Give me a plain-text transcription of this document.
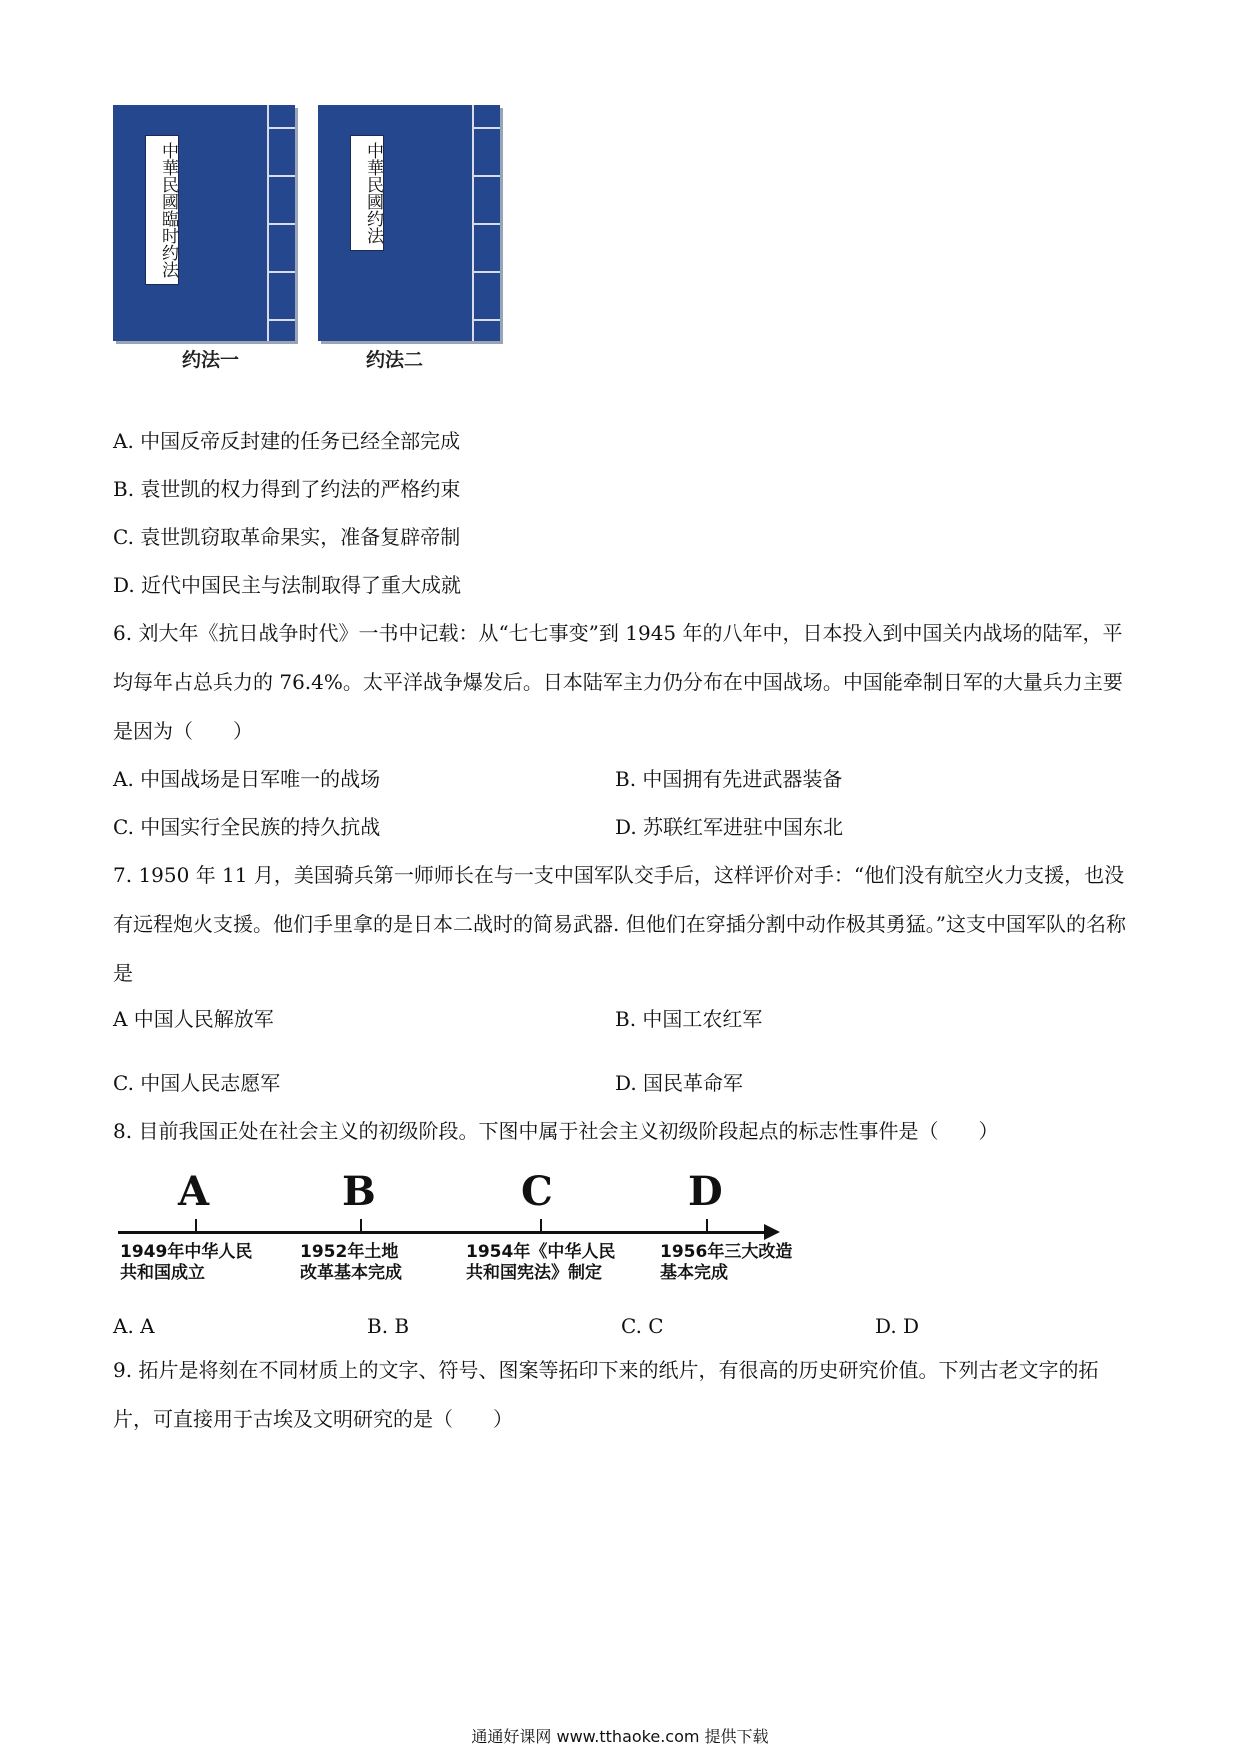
中華民國臨时约法
约法一
中華民國约法
约法二
A. 中国反帝反封建的任务已经全部完成
B. 袁世凯的权力得到了约法的严格约束
C. 袁世凯窃取革命果实，准备复辟帝制
D. 近代中国民主与法制取得了重大成就
6. 刘大年《抗日战争时代》一书中记载：从“七七事变”到 1945 年的八年中，日本投入到中国关内战场的陆军，平均每年占总兵力的 76.4%。太平洋战争爆发后。日本陆军主力仍分布在中国战场。中国能牵制日军的大量兵力主要是因为（　　）
A. 中国战场是日军唯一的战场	B. 中国拥有先进武器装备
C. 中国实行全民族的持久抗战	D. 苏联红军进驻中国东北
7. 1950 年 11 月，美国骑兵第一师师长在与一支中国军队交手后，这样评价对手：“他们没有航空火力支援，也没有远程炮火支援。他们手里拿的是日本二战时的简易武器. 但他们在穿插分割中动作极其勇猛。”这支中国军队的名称是
A 中国人民解放军	B. 中国工农红军
C. 中国人民志愿军	D. 国民革命军
8. 目前我国正处在社会主义的初级阶段。下图中属于社会主义初级阶段起点的标志性事件是（　　）
A	B	C	D
1949年中华人民
共和国成立
1952年土地
改革基本完成
1954年《中华人民
共和国宪法》制定
1956年三大改造
基本完成
A. A	B. B	C. C	D. D
9. 拓片是将刻在不同材质上的文字、符号、图案等拓印下来的纸片，有很高的历史研究价值。下列古老文字的拓片，可直接用于古埃及文明研究的是（　　）
通通好课网 www.tthaoke.com 提供下载
